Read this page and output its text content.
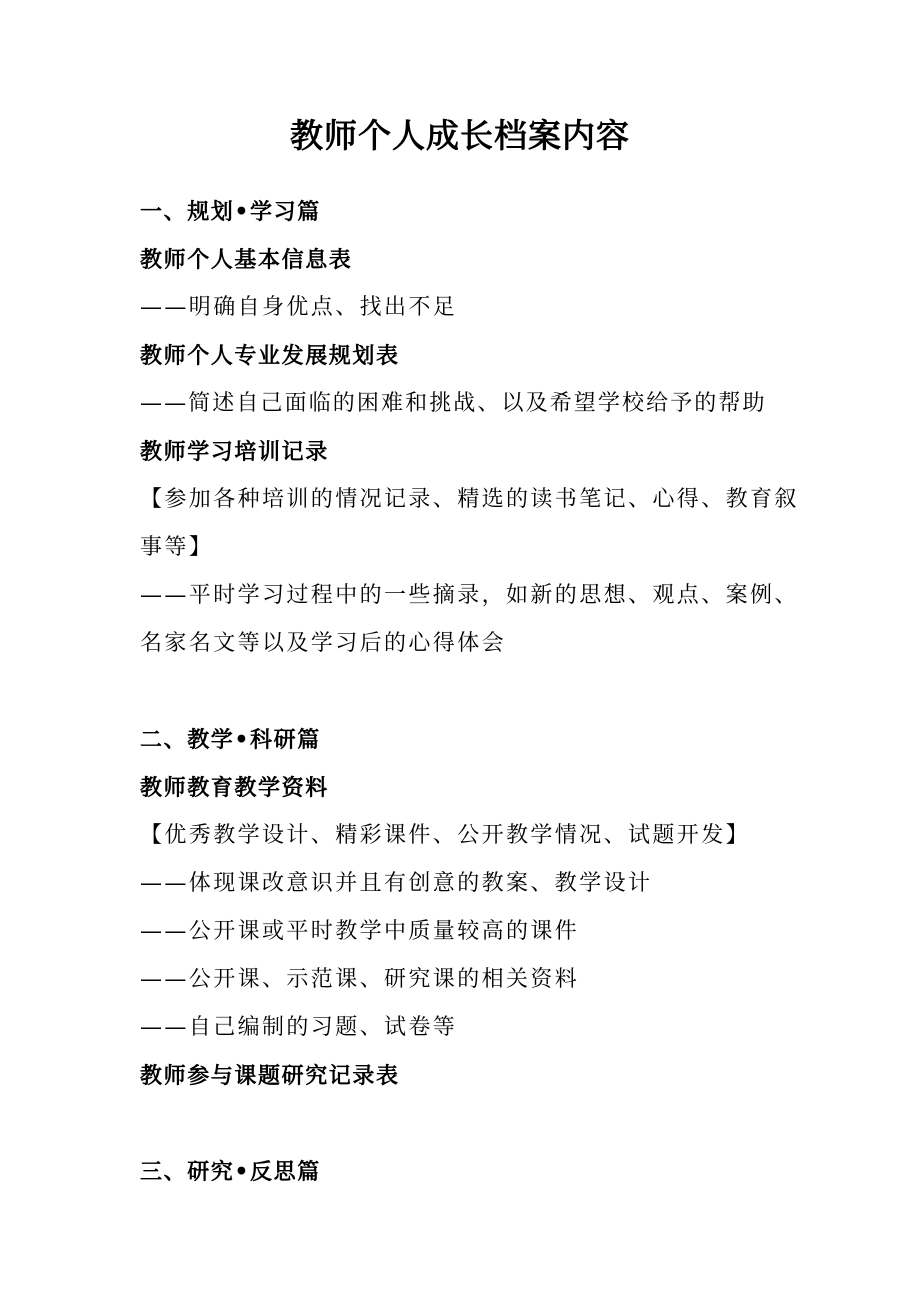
教师个人成长档案内容
一、规划•学习篇
教师个人基本信息表
——明确自身优点、找出不足
教师个人专业发展规划表
——简述自己面临的困难和挑战、以及希望学校给予的帮助
教师学习培训记录
【参加各种培训的情况记录、精选的读书笔记、心得、教育叙事等】
——平时学习过程中的一些摘录，如新的思想、观点、案例、名家名文等以及学习后的心得体会
二、教学•科研篇
教师教育教学资料
【优秀教学设计、精彩课件、公开教学情况、试题开发】
——体现课改意识并且有创意的教案、教学设计
——公开课或平时教学中质量较高的课件
——公开课、示范课、研究课的相关资料
——自己编制的习题、试卷等
教师参与课题研究记录表
三、研究•反思篇
